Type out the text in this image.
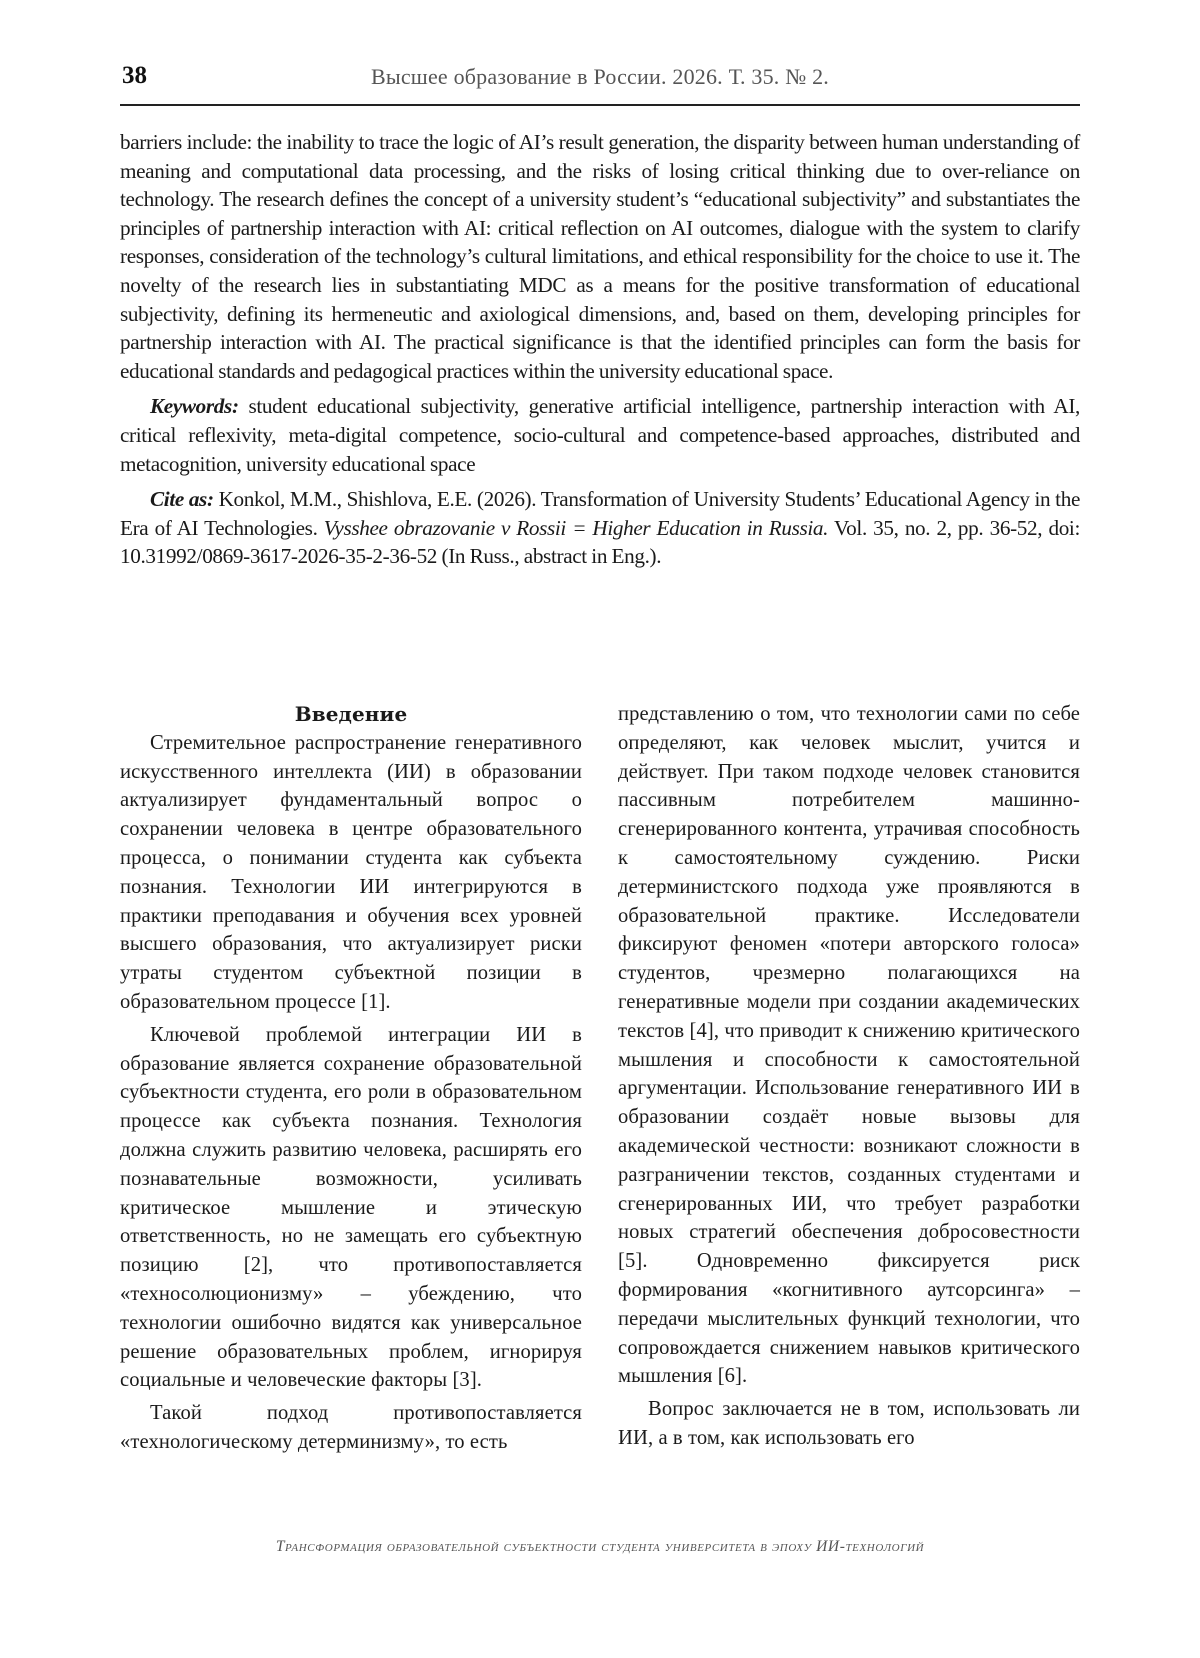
38	Высшее образование в России. 2026. Т. 35. № 2.

barriers include: the inability to trace the logic of AI’s result generation, the disparity between human understanding of meaning and computational data processing, and the risks of losing critical thinking due to over-reliance on technology. The research defines the concept of a university student’s “educational subjectivity” and substantiates the principles of partnership interaction with AI: critical reflection on AI outcomes, dialogue with the system to clarify responses, consideration of the technology’s cultural limitations, and ethical responsibility for the choice to use it. The novelty of the research lies in substantiating MDC as a means for the positive transformation of educational subjectivity, defining its hermeneutic and axiological dimensions, and, based on them, developing principles for partnership interaction with AI. The practical significance is that the identified principles can form the basis for educational standards and pedagogical practices within the university educational space.

Keywords: student educational subjectivity, generative artificial intelligence, partnership interaction with AI, critical reflexivity, meta-digital competence, socio-cultural and competence-based approaches, distributed and metacognition, university educational space

Cite as: Konkol, M.M., Shishlova, E.E. (2026). Transformation of University Students’ Educational Agency in the Era of AI Technologies. Vysshee obrazovanie v Rossii = Higher Education in Russia. Vol. 35, no. 2, pp. 36-52, doi: 10.31992/0869-3617-2026-35-2-36-52 (In Russ., abstract in Eng.).

Введение

Стремительное распространение генеративного искусственного интеллекта (ИИ) в образовании актуализирует фундаментальный вопрос о сохранении человека в центре образовательного процесса, о понимании студента как субъекта познания. Технологии ИИ интегрируются в практики преподавания и обучения всех уровней высшего образования, что актуализирует риски утраты студентом субъектной позиции в образовательном процессе [1].

Ключевой проблемой интеграции ИИ в образование является сохранение образовательной субъектности студента, его роли в образовательном процессе как субъекта познания. Технология должна служить развитию человека, расширять его познавательные возможности, усиливать критическое мышление и этическую ответственность, но не замещать его субъектную позицию [2], что противопоставляется «техносолюционизму» – убеждению, что технологии ошибочно видятся как универсальное решение образовательных проблем, игнорируя социальные и человеческие факторы [3].

Такой подход противопоставляется «технологическому детерминизму», то есть

представлению о том, что технологии сами по себе определяют, как человек мыслит, учится и действует. При таком подходе человек становится пассивным потребителем машинно-сгенерированного контента, утрачивая способность к самостоятельному суждению. Риски детерминистского подхода уже проявляются в образовательной практике. Исследователи фиксируют феномен «потери авторского голоса» студентов, чрезмерно полагающихся на генеративные модели при создании академических текстов [4], что приводит к снижению критического мышления и способности к самостоятельной аргументации. Использование генеративного ИИ в образовании создаёт новые вызовы для академической честности: возникают сложности в разграничении текстов, созданных студентами и сгенерированных ИИ, что требует разработки новых стратегий обеспечения добросовестности [5]. Одновременно фиксируется риск формирования «когнитивного аутсорсинга» – передачи мыслительных функций технологии, что сопровождается снижением навыков критического мышления [6].

Вопрос заключается не в том, использовать ли ИИ, а в том, как использовать его

Трансформация образовательной субъектности студента университета в эпоху ИИ-технологий
